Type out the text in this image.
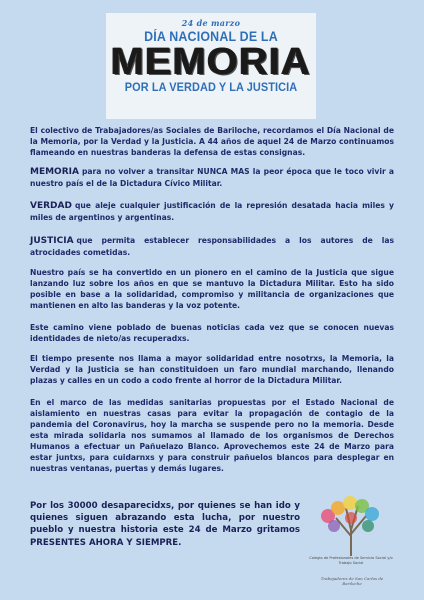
24 de marzo
DÍA NACIONAL DE LA
MEMORIA
POR LA VERDAD Y LA JUSTICIA

El colectivo de Trabajadores/as Sociales de Bariloche, recordamos el Día Nacional de la Memoria, por la Verdad y la Justicia. A 44 años de aquel 24 de Marzo continuamos flameando en nuestras banderas la defensa de estas consignas.

MEMORIA para no volver a transitar NUNCA MAS la peor época que le toco vivir a nuestro país el de la Dictadura Cívico Militar.

VERDAD que aleje cualquier justificación de la represión desatada hacia miles y miles de argentinos y argentinas.

JUSTICIA que permita establecer responsabilidades a los autores de las atrocidades cometidas.

Nuestro país se ha convertido en un pionero en el camino de la Justicia que sigue lanzando luz sobre los años en que se mantuvo la Dictadura Militar. Esto ha sido posible en base a la solidaridad, compromiso y militancia de organizaciones que mantienen en alto las banderas y la voz potente.

Este camino viene poblado de buenas noticias cada vez que se conocen nuevas identidades de nieto/as recuperadxs.

El tiempo presente nos llama a mayor solidaridad entre nosotrxs, la Memoria, la Verdad y la Justicia se han constituidoen un faro mundial marchando, llenando plazas y calles en un codo a codo frente al horror de la Dictadura Militar.

En el marco de las medidas sanitarias propuestas por el Estado Nacional de aislamiento en nuestras casas para evitar la propagación de contagio de la pandemia del Coronavirus, hoy la marcha se suspende pero no la memoria. Desde esta mirada solidaria nos sumamos al llamado de los organismos de Derechos Humanos a efectuar un Pañuelazo Blanco. Aprovechemos este 24 de Marzo para estar juntxs, para cuidarnxs y para construir pañuelos blancos para desplegar en nuestras ventanas, puertas y demás lugares.

Por los 30000 desaparecidxs, por quienes se han ido y quienes siguen abrazando esta lucha, por nuestro pueblo y nuestra historia este 24 de Marzo gritamos PRESENTES AHORA Y SIEMPRE.

Colegio de Profesionales de Servicio Social y/o Trabajo Social
Trabajadores de San Carlos de Bariloche
